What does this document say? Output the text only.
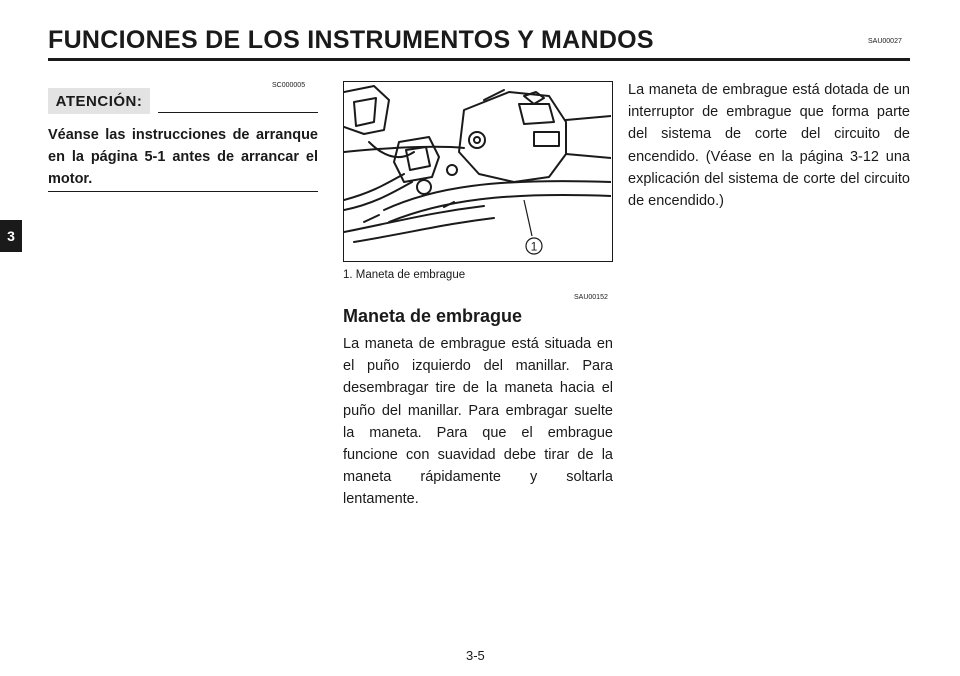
FUNCIONES DE LOS INSTRUMENTOS Y MANDOS	SAU00027
3
SC000005
ATENCIÓN:
Véanse las instrucciones de arranque en la página 5-1 antes de arrancar el motor.
1
1. Maneta de embrague
SAU00152
Maneta de embrague
La maneta de embrague está situada en el puño izquierdo del manillar. Para desembragar tire de la maneta hacia el puño del manillar. Para embragar suelte la maneta. Para que el embrague funcione con suavidad debe tirar de la maneta rápidamente y soltarla lentamente.
La maneta de embrague está dotada de un interruptor de embrague que forma parte del sistema de corte del circuito de encendido. (Véase en la página 3-12 una explicación del sistema de corte del circuito de encendido.)
3-5
